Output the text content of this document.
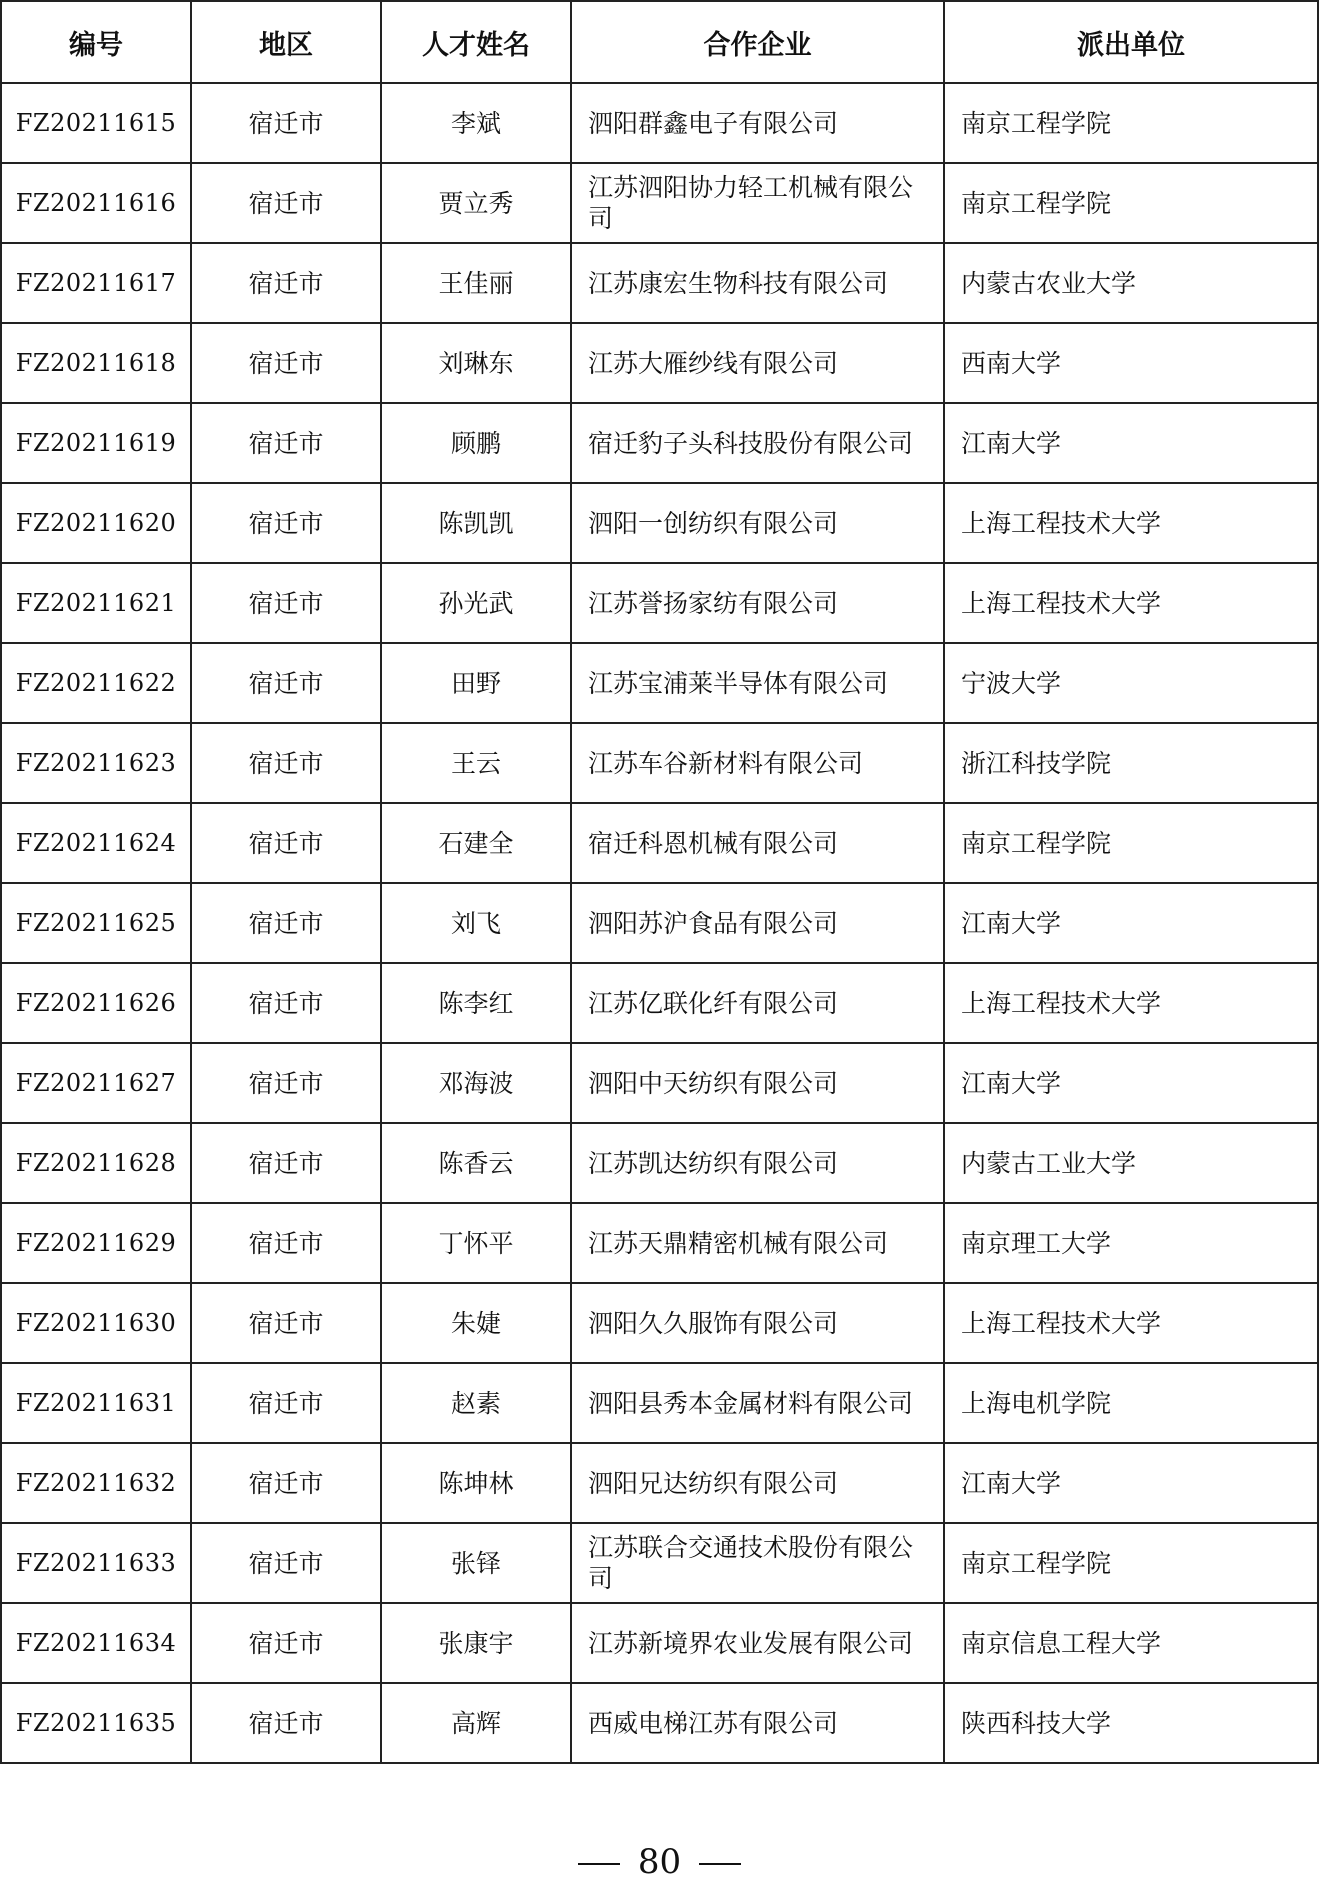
编号	地区	人才姓名	合作企业	派出单位
FZ20211615	宿迁市	李斌	泗阳群鑫电子有限公司	南京工程学院
FZ20211616	宿迁市	贾立秀	江苏泗阳协力轻工机械有限公司	南京工程学院
FZ20211617	宿迁市	王佳丽	江苏康宏生物科技有限公司	内蒙古农业大学
FZ20211618	宿迁市	刘琳东	江苏大雁纱线有限公司	西南大学
FZ20211619	宿迁市	顾鹏	宿迁豹子头科技股份有限公司	江南大学
FZ20211620	宿迁市	陈凯凯	泗阳一创纺织有限公司	上海工程技术大学
FZ20211621	宿迁市	孙光武	江苏誉扬家纺有限公司	上海工程技术大学
FZ20211622	宿迁市	田野	江苏宝浦莱半导体有限公司	宁波大学
FZ20211623	宿迁市	王云	江苏车谷新材料有限公司	浙江科技学院
FZ20211624	宿迁市	石建全	宿迁科恩机械有限公司	南京工程学院
FZ20211625	宿迁市	刘飞	泗阳苏沪食品有限公司	江南大学
FZ20211626	宿迁市	陈李红	江苏亿联化纤有限公司	上海工程技术大学
FZ20211627	宿迁市	邓海波	泗阳中天纺织有限公司	江南大学
FZ20211628	宿迁市	陈香云	江苏凯达纺织有限公司	内蒙古工业大学
FZ20211629	宿迁市	丁怀平	江苏天鼎精密机械有限公司	南京理工大学
FZ20211630	宿迁市	朱婕	泗阳久久服饰有限公司	上海工程技术大学
FZ20211631	宿迁市	赵素	泗阳县秀本金属材料有限公司	上海电机学院
FZ20211632	宿迁市	陈坤林	泗阳兄达纺织有限公司	江南大学
FZ20211633	宿迁市	张铎	江苏联合交通技术股份有限公司	南京工程学院
FZ20211634	宿迁市	张康宇	江苏新境界农业发展有限公司	南京信息工程大学
FZ20211635	宿迁市	高辉	西威电梯江苏有限公司	陕西科技大学
80
